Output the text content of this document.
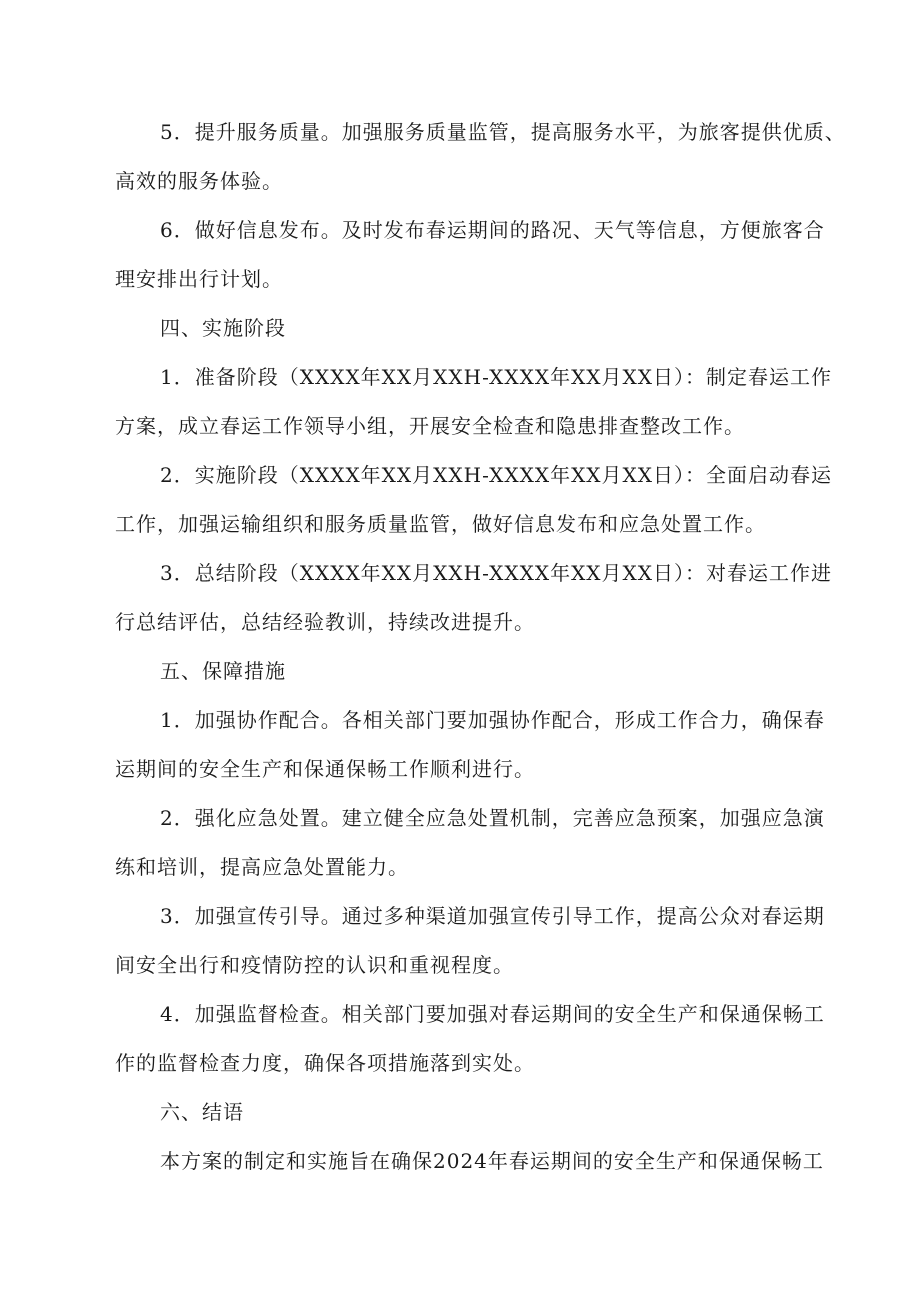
5．提升服务质量。加强服务质量监管，提高服务水平，为旅客提供优质、
高效的服务体验。
6．做好信息发布。及时发布春运期间的路况、天气等信息，方便旅客合
理安排出行计划。
四、实施阶段
1．准备阶段（XXXX年XX月XXH-XXXX年XX月XX日）：制定春运工作
方案，成立春运工作领导小组，开展安全检查和隐患排查整改工作。
2．实施阶段（XXXX年XX月XXH-XXXX年XX月XX日）：全面启动春运
工作，加强运输组织和服务质量监管，做好信息发布和应急处置工作。
3．总结阶段（XXXX年XX月XXH-XXXX年XX月XX日）：对春运工作进
行总结评估，总结经验教训，持续改进提升。
五、保障措施
1．加强协作配合。各相关部门要加强协作配合，形成工作合力，确保春
运期间的安全生产和保通保畅工作顺利进行。
2．强化应急处置。建立健全应急处置机制，完善应急预案，加强应急演
练和培训，提高应急处置能力。
3．加强宣传引导。通过多种渠道加强宣传引导工作，提高公众对春运期
间安全出行和疫情防控的认识和重视程度。
4．加强监督检查。相关部门要加强对春运期间的安全生产和保通保畅工
作的监督检查力度，确保各项措施落到实处。
六、结语
本方案的制定和实施旨在确保2024年春运期间的安全生产和保通保畅工
